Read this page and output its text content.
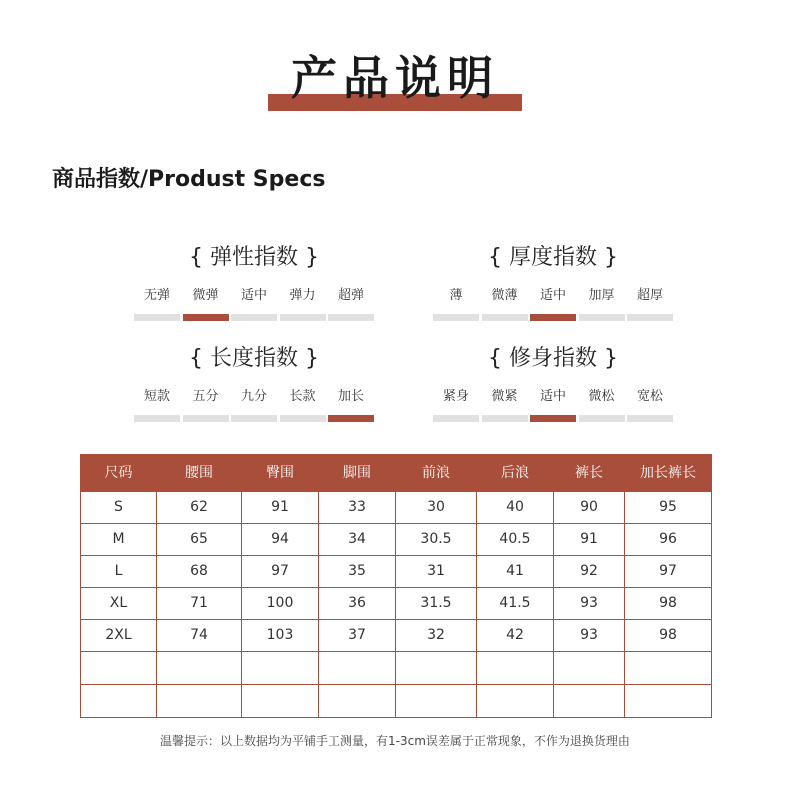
产品说明
商品指数/Produst Specs
{ 弹性指数 }
无弹	微弹	适中	弹力	超弹
{ 厚度指数 }
薄	微薄	适中	加厚	超厚
{ 长度指数 }
短款	五分	九分	长款	加长
{ 修身指数 }
紧身	微紧	适中	微松	宽松
尺码	腰围	臀围	脚围	前浪	后浪	裤长	加长裤长
S	62	91	33	30	40	90	95
M	65	94	34	30.5	40.5	91	96
L	68	97	35	31	41	92	97
XL	71	100	36	31.5	41.5	93	98
2XL	74	103	37	32	42	93	98

温馨提示：以上数据均为平铺手工测量，有1-3cm误差属于正常现象，不作为退换货理由
